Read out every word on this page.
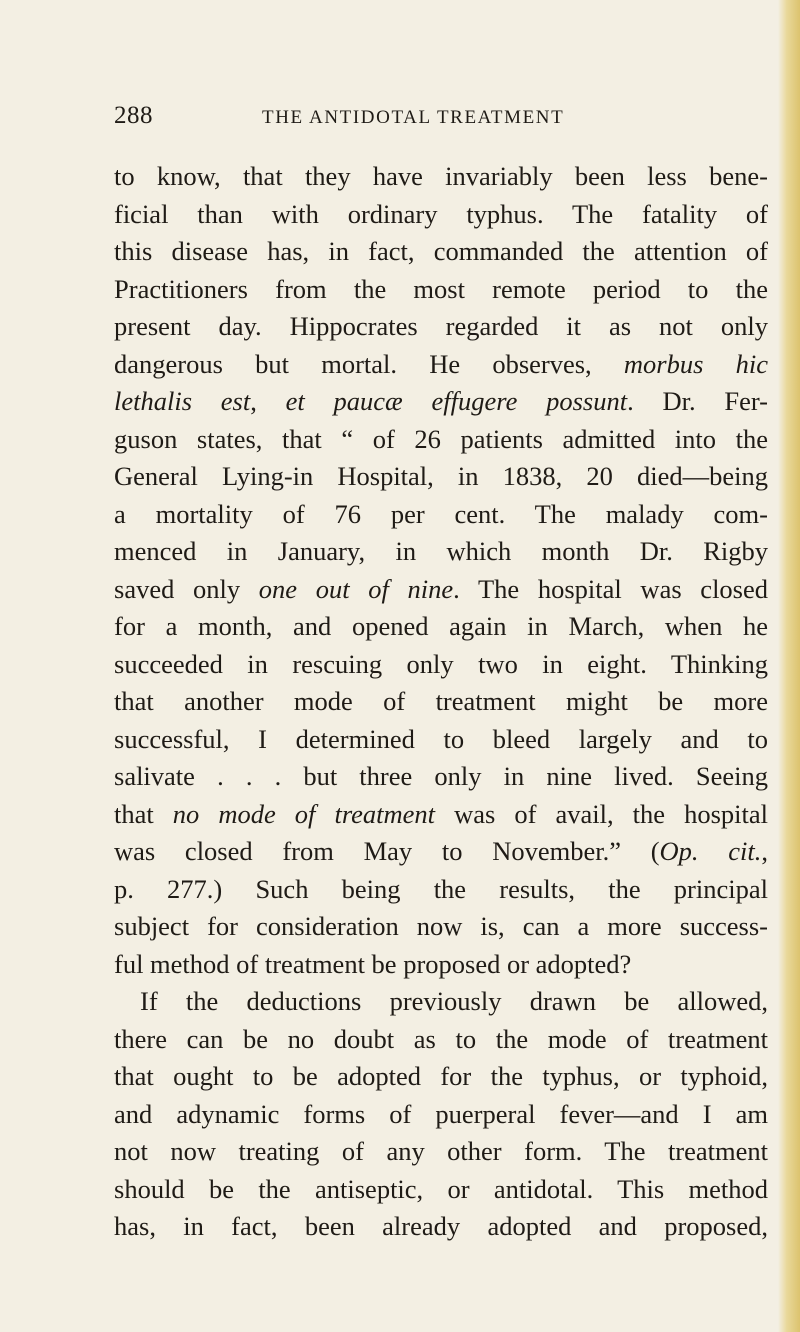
288	THE ANTIDOTAL TREATMENT
to know, that they have invariably been less bene-
ficial than with ordinary typhus. The fatality of
this disease has, in fact, commanded the attention of
Practitioners from the most remote period to the
present day. Hippocrates regarded it as not only
dangerous but mortal. He observes, morbus hic
lethalis est, et paucæ effugere possunt. Dr. Fer-
guson states, that “ of 26 patients admitted into the
General Lying-in Hospital, in 1838, 20 died—being
a mortality of 76 per cent. The malady com-
menced in January, in which month Dr. Rigby
saved only one out of nine. The hospital was closed
for a month, and opened again in March, when he
succeeded in rescuing only two in eight. Thinking
that another mode of treatment might be more
successful, I determined to bleed largely and to
salivate . . . but three only in nine lived. Seeing
that no mode of treatment was of avail, the hospital
was closed from May to November.” (Op. cit.,
p. 277.) Such being the results, the principal
subject for consideration now is, can a more success-
ful method of treatment be proposed or adopted?
If the deductions previously drawn be allowed,
there can be no doubt as to the mode of treatment
that ought to be adopted for the typhus, or typhoid,
and adynamic forms of puerperal fever—and I am
not now treating of any other form. The treatment
should be the antiseptic, or antidotal. This method
has, in fact, been already adopted and proposed,
